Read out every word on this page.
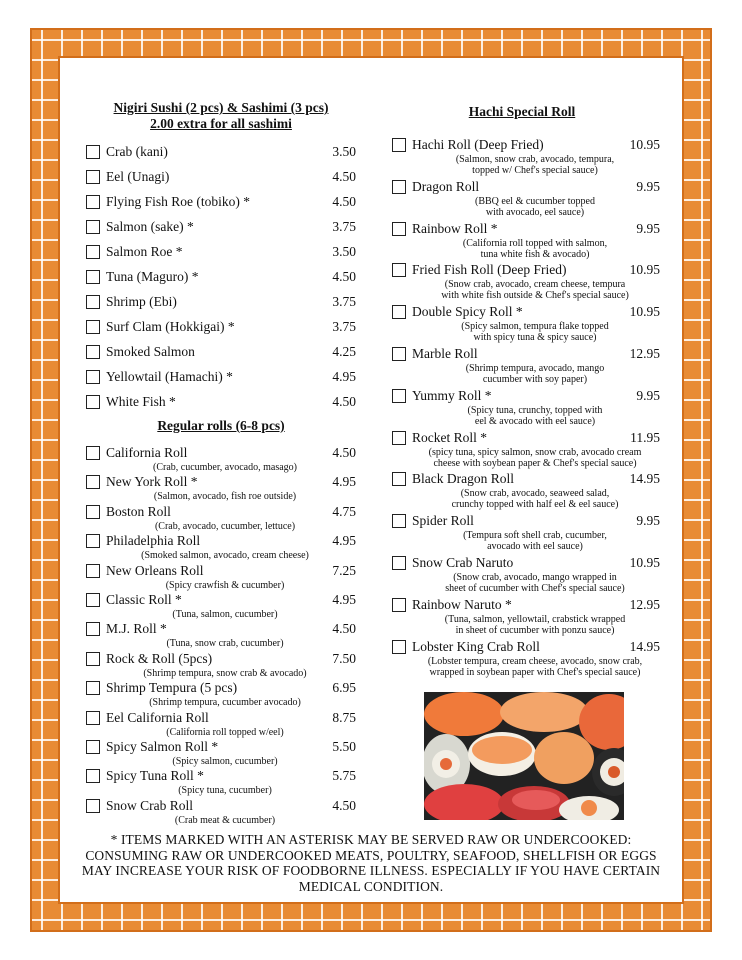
Nigiri Sushi (2 pcs) & Sashimi (3 pcs)
2.00 extra for all sashimi
Crab (kani)	3.50
Eel (Unagi)	4.50
Flying Fish Roe (tobiko) *	4.50
Salmon (sake) *	3.75
Salmon Roe *	3.50
Tuna (Maguro) *	4.50
Shrimp (Ebi)	3.75
Surf Clam (Hokkigai) *	3.75
Smoked Salmon	4.25
Yellowtail (Hamachi) *	4.95
White Fish *	4.50
Regular rolls (6-8 pcs)
California Roll	4.50
(Crab, cucumber, avocado, masago)
New York Roll *	4.95
(Salmon, avocado, fish roe outside)
Boston Roll	4.75
(Crab, avocado, cucumber, lettuce)
Philadelphia Roll	4.95
(Smoked salmon, avocado, cream cheese)
New Orleans Roll	7.25
(Spicy crawfish & cucumber)
Classic Roll *	4.95
(Tuna, salmon, cucumber)
M.J. Roll *	4.50
(Tuna, snow crab, cucumber)
Rock & Roll (5pcs)	7.50
(Shrimp tempura, snow crab & avocado)
Shrimp Tempura (5 pcs)	6.95
(Shrimp tempura, cucumber avocado)
Eel California Roll	8.75
(California roll topped w/eel)
Spicy Salmon Roll *	5.50
(Spicy salmon, cucumber)
Spicy Tuna Roll *	5.75
(Spicy tuna, cucumber)
Snow Crab Roll	4.50
(Crab meat & cucumber)
Hachi Special Roll
Hachi Roll (Deep Fried)	10.95
(Salmon, snow crab, avocado, tempura,
topped w/ Chef's special sauce)
Dragon Roll	9.95
(BBQ eel & cucumber topped
with avocado, eel sauce)
Rainbow Roll *	9.95
(California roll topped with salmon,
tuna white fish & avocado)
Fried Fish Roll (Deep Fried)	10.95
(Snow crab, avocado, cream cheese, tempura
with white fish outside & Chef's special sauce)
Double Spicy Roll *	10.95
(Spicy salmon, tempura flake topped
with spicy tuna & spicy sauce)
Marble Roll	12.95
(Shrimp tempura, avocado, mango
cucumber with soy paper)
Yummy Roll *	9.95
(Spicy tuna, crunchy, topped with
eel & avocado with eel sauce)
Rocket Roll *	11.95
(spicy tuna, spicy salmon, snow crab, avocado cream
cheese with soybean paper & Chef's special sauce)
Black Dragon Roll	14.95
(Snow crab, avocado, seaweed salad,
crunchy topped with half eel & eel sauce)
Spider Roll	9.95
(Tempura soft shell crab, cucumber,
avocado with eel sauce)
Snow Crab Naruto	10.95
(Snow crab, avocado, mango wrapped in
sheet of cucumber with Chef's special sauce)
Rainbow Naruto *	12.95
(Tuna, salmon, yellowtail, crabstick wrapped
in sheet of cucumber with ponzu sauce)
Lobster King Crab Roll	14.95
(Lobster tempura, cream cheese, avocado, snow crab,
wrapped in soybean paper with Chef's special sauce)
* ITEMS MARKED WITH AN ASTERISK MAY BE SERVED RAW OR UNDERCOOKED: CONSUMING RAW OR UNDERCOOKED MEATS, POULTRY, SEAFOOD, SHELLFISH OR EGGS MAY INCREASE YOUR RISK OF FOODBORNE ILLNESS. ESPECIALLY IF YOU HAVE CERTAIN MEDICAL CONDITION.
